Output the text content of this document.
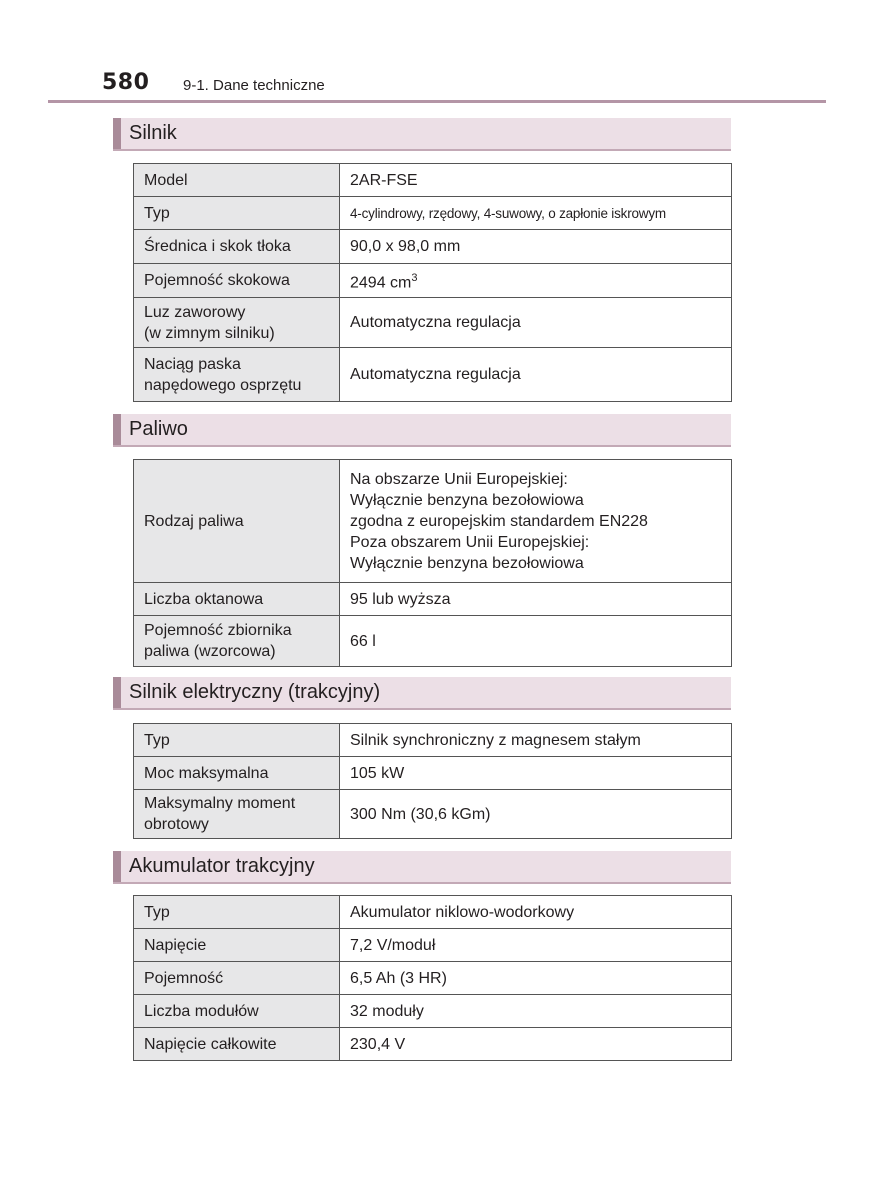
580 9-1. Dane techniczne
Silnik
Model	2AR-FSE
Typ	4-cylindrowy, rzędowy, 4-suwowy, o zapłonie iskrowym
Średnica i skok tłoka	90,0 x 98,0 mm
Pojemność skokowa	2494 $cm^3$
Luz zaworowy
(w zimnym silniku)	Automatyczna regulacja
Naciąg paska
napędowego osprzętu	Automatyczna regulacja
Paliwo
Rodzaj paliwa	Na obszarze Unii Europejskiej:
Wyłącznie benzyna bezołowiowa
zgodna z europejskim standardem EN228
Poza obszarem Unii Europejskiej:
Wyłącznie benzyna bezołowiowa
Liczba oktanowa	95 lub wyższa
Pojemność zbiornika
paliwa (wzorcowa)	66 l
Silnik elektryczny (trakcyjny)
Typ	Silnik synchroniczny z magnesem stałym
Moc maksymalna	105 kW
Maksymalny moment
obrotowy	300 Nm (30,6 kGm)
Akumulator trakcyjny
Typ	Akumulator niklowo-wodorkowy
Napięcie	7,2 V/moduł
Pojemność	6,5 Ah (3 HR)
Liczba modułów	32 moduły
Napięcie całkowite	230,4 V
